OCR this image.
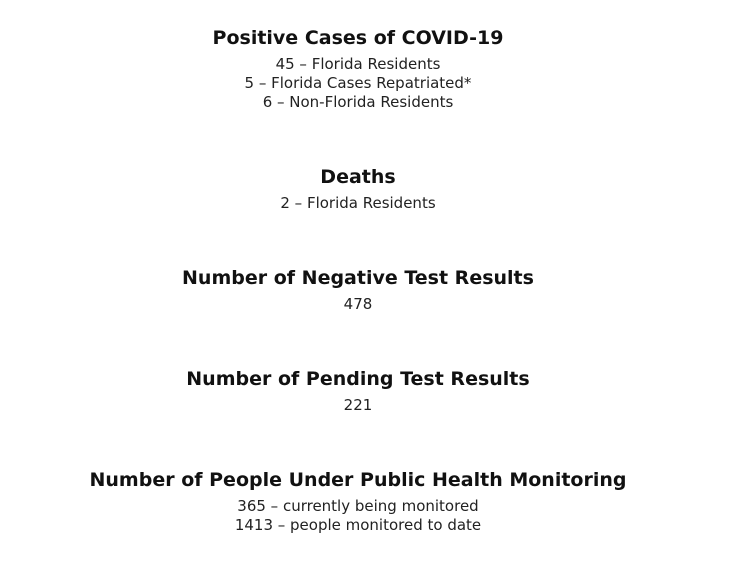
Positive Cases of COVID-19
45 – Florida Residents
5 – Florida Cases Repatriated*
6 – Non-Florida Residents
Deaths
2 – Florida Residents
Number of Negative Test Results
478
Number of Pending Test Results
221
Number of People Under Public Health Monitoring
365 – currently being monitored
1413 – people monitored to date
